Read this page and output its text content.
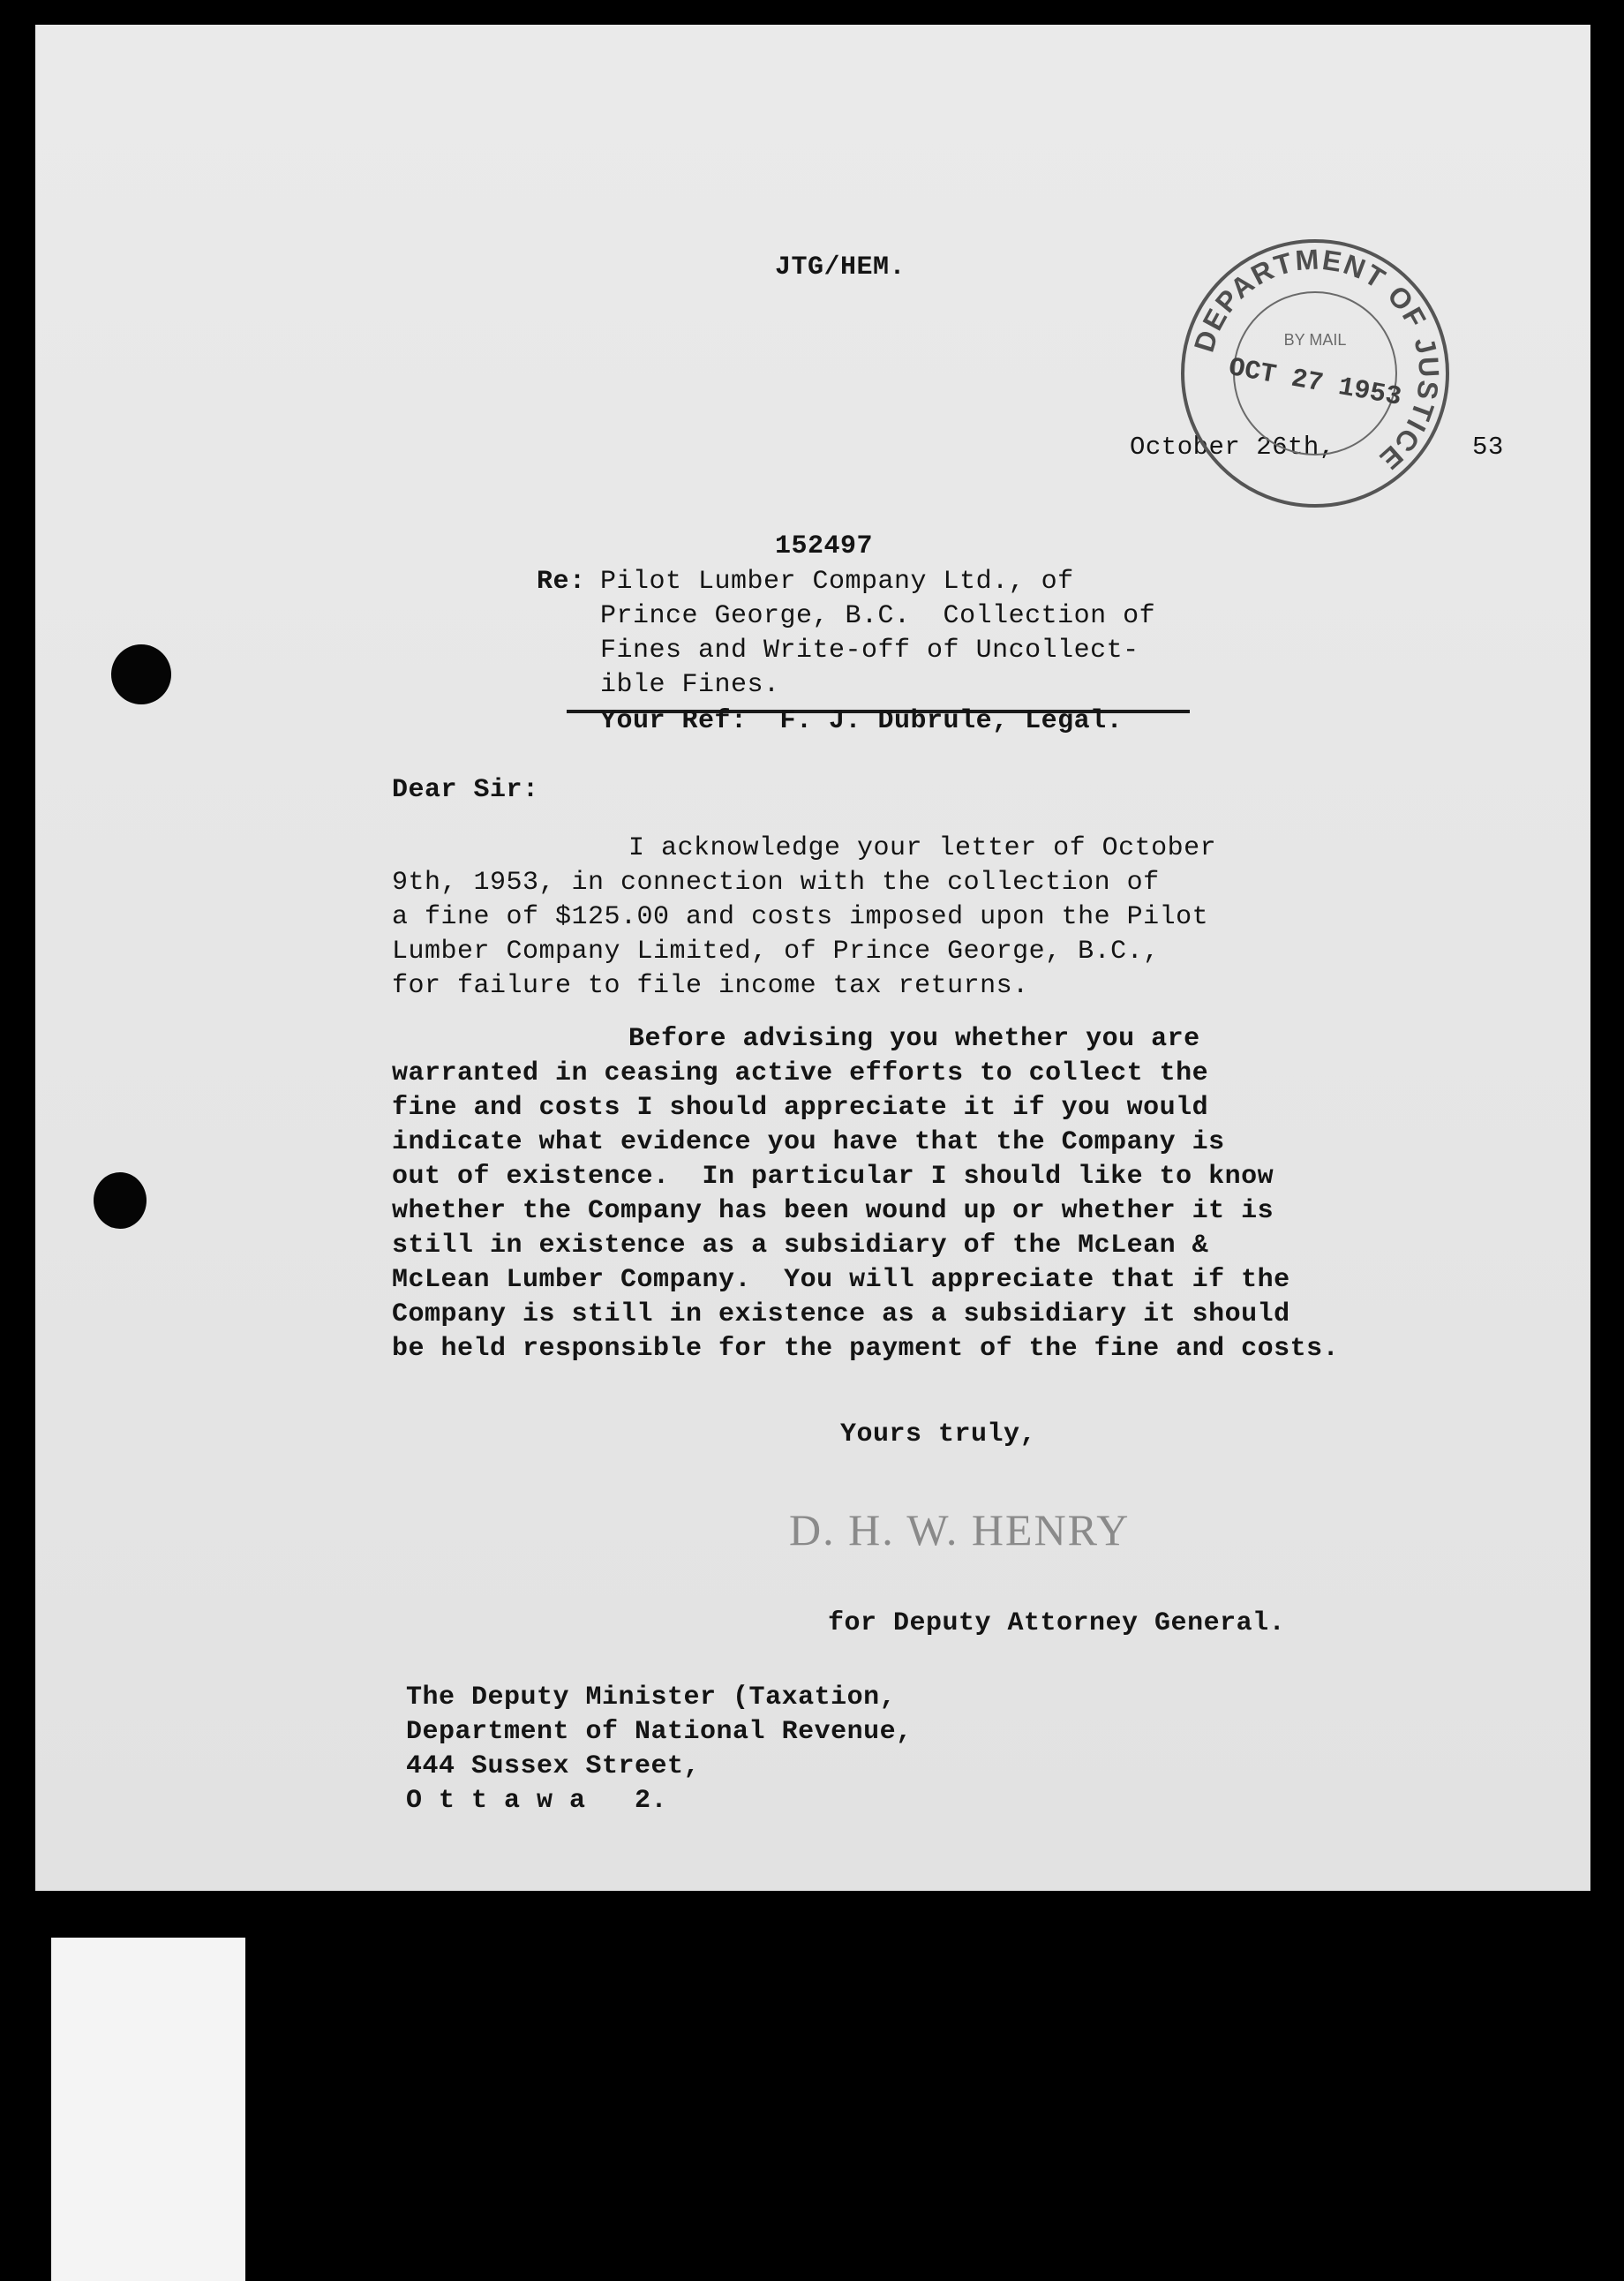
JTG/HEM.
October 26th,	53
152497
Re: Pilot Lumber Company Ltd., of
Prince George, B.C.  Collection of
Fines and Write-off of Uncollect-
ible Fines.
Your Ref:  F. J. Dubrule, Legal.
Dear Sir:
I acknowledge your letter of October
9th, 1953, in connection with the collection of
a fine of $125.00 and costs imposed upon the Pilot
Lumber Company Limited, of Prince George, B.C.,
for failure to file income tax returns.
Before advising you whether you are
warranted in ceasing active efforts to collect the
fine and costs I should appreciate it if you would
indicate what evidence you have that the Company is
out of existence.  In particular I should like to know
whether the Company has been wound up or whether it is
still in existence as a subsidiary of the McLean &
McLean Lumber Company.  You will appreciate that if the
Company is still in existence as a subsidiary it should
be held responsible for the payment of the fine and costs.
Yours truly,
D. H. W. HENRY
for Deputy Attorney General.
The Deputy Minister (Taxation,
Department of National Revenue,
444 Sussex Street,
O t t a w a   2.
DEPARTMENT OF JUSTICE
BY MAIL
OCT 27 1953
